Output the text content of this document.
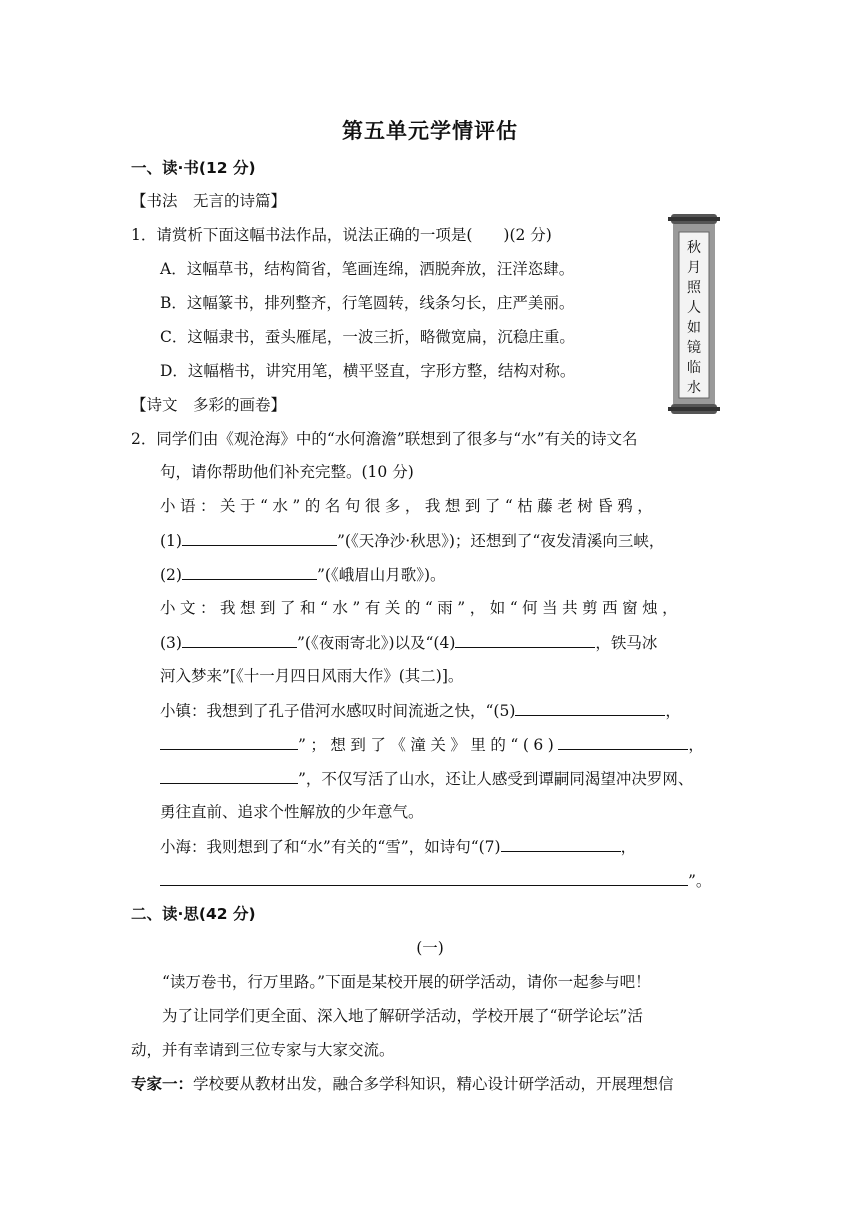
第五单元学情评估
一、读·书(12 分)
【书法　无言的诗篇】
1．请赏析下面这幅书法作品，说法正确的一项是(　　)(2 分)
A．这幅草书，结构简省，笔画连绵，洒脱奔放，汪洋恣肆。
B．这幅篆书，排列整齐，行笔圆转，线条匀长，庄严美丽。
C．这幅隶书，蚕头雁尾，一波三折，略微宽扁，沉稳庄重。
D．这幅楷书，讲究用笔，横平竖直，字形方整，结构对称。
秋月照人如镜临水
【诗文　多彩的画卷】
2．同学们由《观沧海》中的“水何澹澹”联想到了很多与“水”有关的诗文名
句，请你帮助他们补充完整。(10 分)
小语：关于“水”的名句很多，我想到了“枯藤老树昏鸦，
(1)	”(《天净沙·秋思》)；还想到了“夜发清溪向三峡，
(2)	”(《峨眉山月歌》)。
小文：我想到了和“水”有关的“雨”，如“何当共剪西窗烛，
(3)	”(《夜雨寄北》)以及“(4)	，铁马冰
河入梦来”[《十一月四日风雨大作》(其二)]。
小镇：我想到了孔子借河水感叹时间流逝之快，“(5)	，
”；想到了《潼关》里的“(6)	，
”，不仅写活了山水，还让人感受到谭嗣同渴望冲决罗网、
勇往直前、追求个性解放的少年意气。
小海：我则想到了和“水”有关的“雪”，如诗句“(7)	，
”。
二、读·思(42 分)
(一)
“读万卷书，行万里路。”下面是某校开展的研学活动，请你一起参与吧！
为了让同学们更全面、深入地了解研学活动，学校开展了“研学论坛”活
动，并有幸请到三位专家与大家交流。
专家一：学校要从教材出发，融合多学科知识，精心设计研学活动，开展理想信
